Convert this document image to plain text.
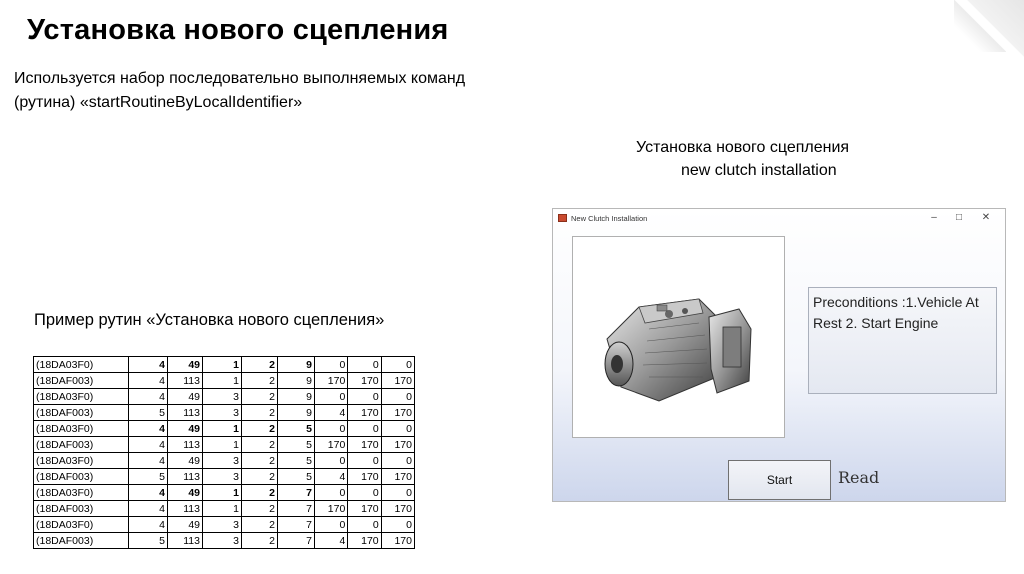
Установка нового сцепления
Используется набор последовательно выполняемых команд (рутина) «startRoutineByLocalIdentifier»
Установка нового сцепления
new clutch installation
Пример рутин «Установка нового сцепления»
(18DA03F0)	4	49	1	2	9	0	0	0
(18DAF003)	4	113	1	2	9	170	170	170
(18DA03F0)	4	49	3	2	9	0	0	0
(18DAF003)	5	113	3	2	9	4	170	170
(18DA03F0)	4	49	1	2	5	0	0	0
(18DAF003)	4	113	1	2	5	170	170	170
(18DA03F0)	4	49	3	2	5	0	0	0
(18DAF003)	5	113	3	2	5	4	170	170
(18DA03F0)	4	49	1	2	7	0	0	0
(18DAF003)	4	113	1	2	7	170	170	170
(18DA03F0)	4	49	3	2	7	0	0	0
(18DAF003)	5	113	3	2	7	4	170	170
New Clutch Installation	–	□	✕
Preconditions :1.Vehicle At Rest 2. Start Engine
Start	Read
